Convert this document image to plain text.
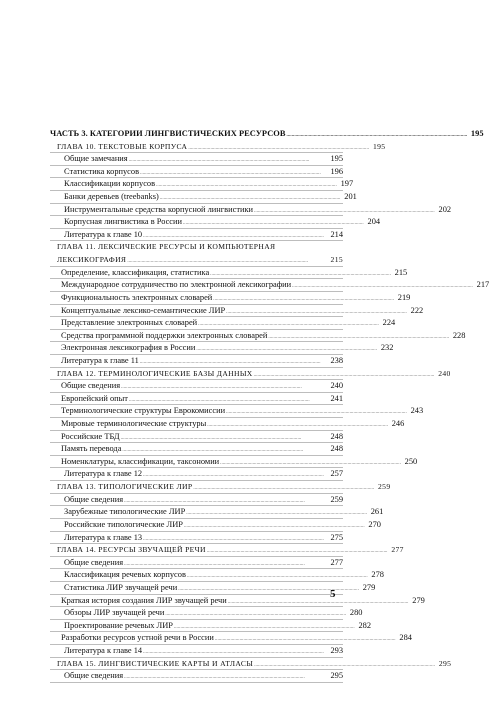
ЧАСТЬ 3. КАТЕГОРИИ ЛИНГВИСТИЧЕСКИХ РЕСУРСОВ . . .	195
ГЛАВА 10. ТЕКСТОВЫЕ КОРПУСА . . .	195
Общие замечания . . .	195
Статистика корпусов . . .	196
Классификации корпусов . . .	197
Банки деревьев (treebanks) . . .	201
Инструментальные средства корпусной лингвистики . . .	202
Корпусная лингвистика в России . . .	204
Литература к главе 10 . . .	214
ГЛАВА 11. ЛЕКСИЧЕСКИЕ РЕСУРСЫ И КОМПЬЮТЕРНАЯ
ЛЕКСИКОГРАФИЯ . . .	215
Определение, классификация, статистика . . .	215
Международное сотрудничество по электронной лексикографии . . .	217
Функциональность электронных словарей . . .	219
Концептуальные лексико-семантические ЛИР . . .	222
Представление электронных словарей . . .	224
Средства программной поддержки электронных словарей . . .	228
Электронная лексикография в России . . .	232
Литература к главе 11 . . .	238
ГЛАВА 12. ТЕРМИНОЛОГИЧЕСКИЕ БАЗЫ ДАННЫХ . . .	240
Общие сведения . . .	240
Европейский опыт . . .	241
Терминологические структуры Еврокомиссии . . .	243
Мировые терминологические структуры . . .	246
Российские ТБД . . .	248
Память перевода . . .	248
Номенклатуры, классификации, таксономии . . .	250
Литература к главе 12 . . .	257
ГЛАВА 13. ТИПОЛОГИЧЕСКИЕ ЛИР . . .	259
Общие сведения . . .	259
Зарубежные типологические ЛИР . . .	261
Российские типологические ЛИР . . .	270
Литература к главе 13 . . .	275
ГЛАВА 14. РЕСУРСЫ ЗВУЧАЩЕЙ РЕЧИ . . .	277
Общие сведения . . .	277
Классификация речевых корпусов . . .	278
Статистика ЛИР звучащей речи . . .	279
Краткая история создания ЛИР звучащей речи . . .	279
Обзоры ЛИР звучащей речи . . .	280
Проектирование речевых ЛИР . . .	282
Разработки ресурсов устной речи в России . . .	284
Литература к главе 14 . . .	293
ГЛАВА 15. ЛИНГВИСТИЧЕСКИЕ КАРТЫ И АТЛАСЫ . . .	295
Общие сведения . . .	295
5
